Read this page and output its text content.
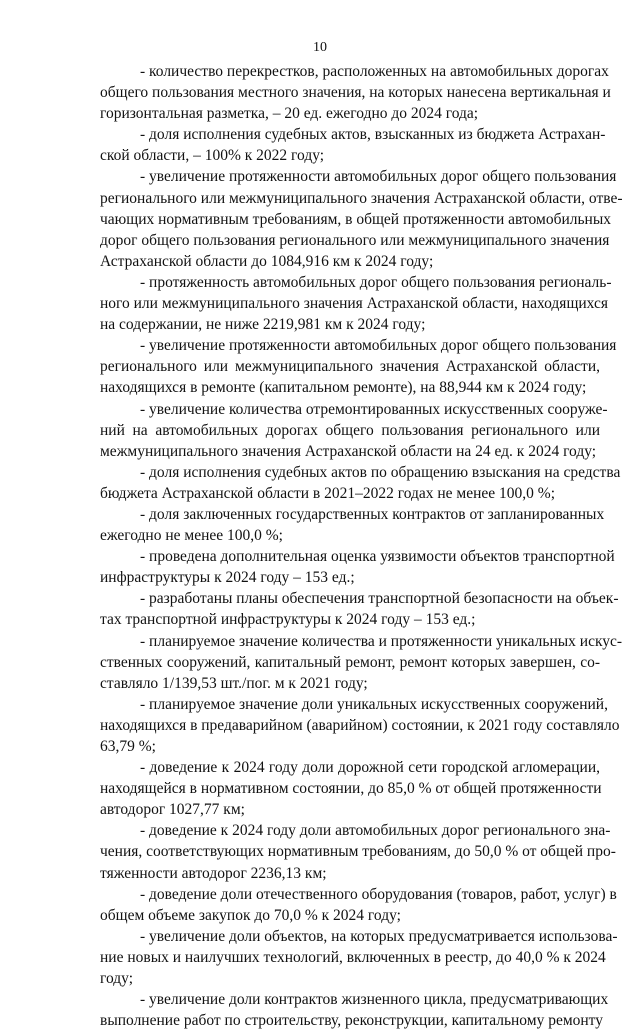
10
- количество перекрестков, расположенных на автомобильных дорогах
общего пользования местного значения, на которых нанесена вертикальная и
горизонтальная разметка, – 20 ед. ежегодно до 2024 года;
- доля исполнения судебных актов, взысканных из бюджета Астрахан-
ской области, – 100% к 2022 году;
- увеличение протяженности автомобильных дорог общего пользования
регионального или межмуниципального значения Астраханской области, отве-
чающих нормативным требованиям, в общей протяженности автомобильных
дорог общего пользования регионального или межмуниципального значения
Астраханской области до 1084,916 км к 2024 году;
- протяженность автомобильных дорог общего пользования региональ-
ного или межмуниципального значения Астраханской области, находящихся
на содержании, не ниже 2219,981 км к 2024 году;
- увеличение протяженности автомобильных дорог общего пользования
регионального или межмуниципального значения Астраханской области,
находящихся в ремонте (капитальном ремонте), на 88,944 км к 2024 году;
- увеличение количества отремонтированных искусственных сооруже-
ний на автомобильных дорогах общего пользования регионального или
межмуниципального значения Астраханской области на 24 ед. к 2024 году;
- доля исполнения судебных актов по обращению взыскания на средства
бюджета Астраханской области в 2021–2022 годах не менее 100,0 %;
- доля заключенных государственных контрактов от запланированных
ежегодно не менее 100,0 %;
- проведена дополнительная оценка уязвимости объектов транспортной
инфраструктуры к 2024 году – 153 ед.;
- разработаны планы обеспечения транспортной безопасности на объек-
тах транспортной инфраструктуры к 2024 году – 153 ед.;
- планируемое значение количества и протяженности уникальных искус-
ственных сооружений, капитальный ремонт, ремонт которых завершен, со-
ставляло 1/139,53 шт./пог. м к 2021 году;
- планируемое значение доли уникальных искусственных сооружений,
находящихся в предаварийном (аварийном) состоянии, к 2021 году составляло
63,79 %;
- доведение к 2024 году доли дорожной сети городской агломерации,
находящейся в нормативном состоянии, до 85,0 % от общей протяженности
автодорог 1027,77 км;
- доведение к 2024 году доли автомобильных дорог регионального зна-
чения, соответствующих нормативным требованиям, до 50,0 % от общей про-
тяженности автодорог 2236,13 км;
- доведение доли отечественного оборудования (товаров, работ, услуг) в
общем объеме закупок до 70,0 % к 2024 году;
- увеличение доли объектов, на которых предусматривается использова-
ние новых и наилучших технологий, включенных в реестр, до 40,0 % к 2024
году;
- увеличение доли контрактов жизненного цикла, предусматривающих
выполнение работ по строительству, реконструкции, капитальному ремонту
